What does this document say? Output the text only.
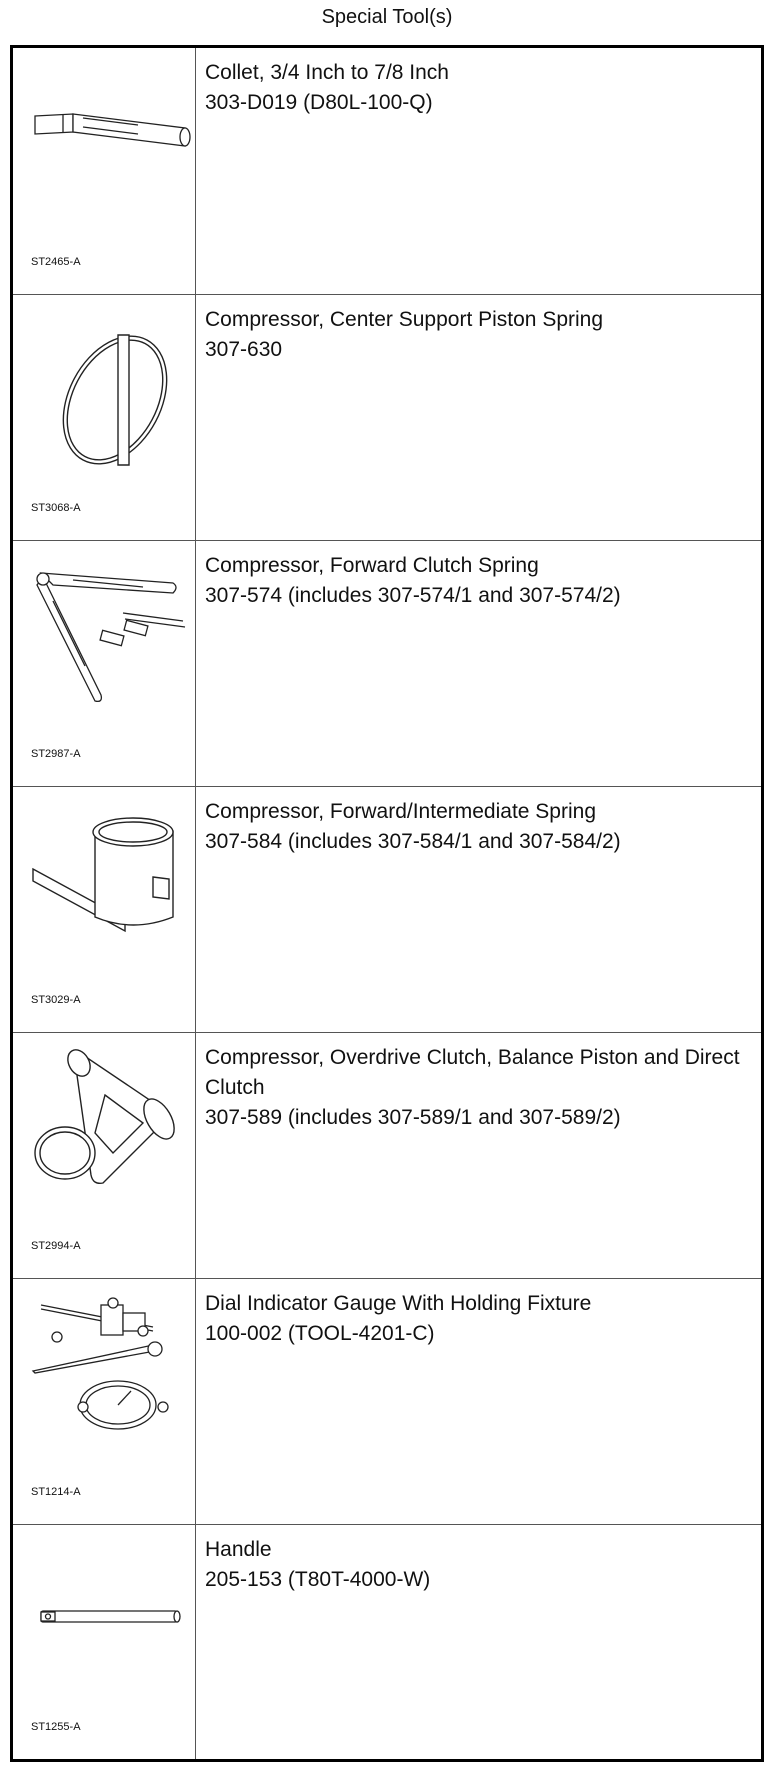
Special Tool(s)
ST2465-A
Collet, 3/4 Inch to 7/8 Inch
303-D019 (D80L-100-Q)
ST3068-A
Compressor, Center Support Piston Spring
307-630
ST2987-A
Compressor, Forward Clutch Spring
307-574 (includes 307-574/1 and 307-574/2)
ST3029-A
Compressor, Forward/Intermediate Spring
307-584 (includes 307-584/1 and 307-584/2)
ST2994-A
Compressor, Overdrive Clutch, Balance Piston and Direct Clutch
307-589 (includes 307-589/1 and 307-589/2)
ST1214-A
Dial Indicator Gauge With Holding Fixture
100-002 (TOOL-4201-C)
ST1255-A
Handle
205-153 (T80T-4000-W)
